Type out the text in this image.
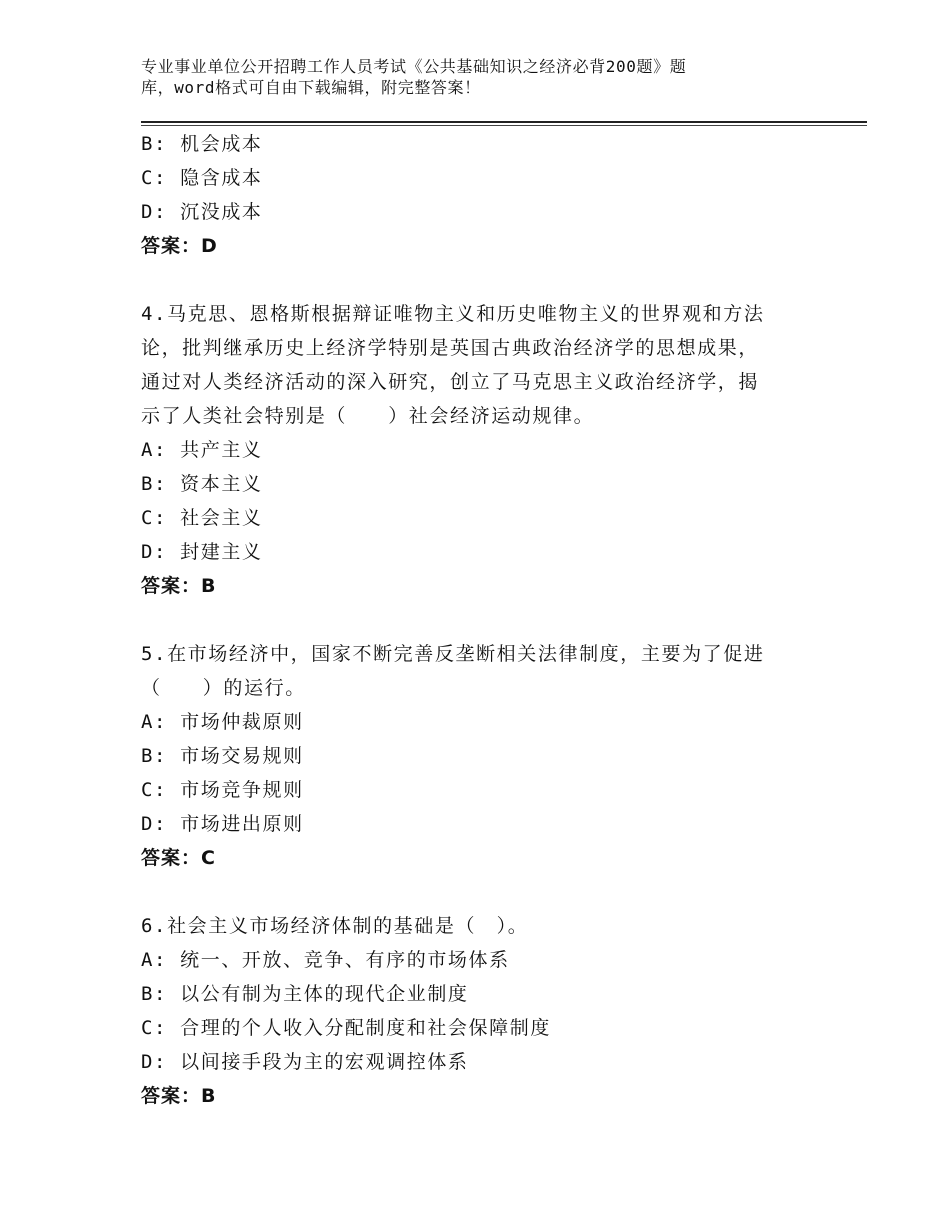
专业事业单位公开招聘工作人员考试《公共基础知识之经济必背200题》题
库，word格式可自由下载编辑，附完整答案！
B: 机会成本
C: 隐含成本
D: 沉没成本
答案：D
4.马克思、恩格斯根据辩证唯物主义和历史唯物主义的世界观和方法
论，批判继承历史上经济学特别是英国古典政治经济学的思想成果，
通过对人类经济活动的深入研究，创立了马克思主义政治经济学，揭
示了人类社会特别是（　　）社会经济运动规律。
A: 共产主义
B: 资本主义
C: 社会主义
D: 封建主义
答案：B
5.在市场经济中，国家不断完善反垄断相关法律制度，主要为了促进
（　　）的运行。
A: 市场仲裁原则
B: 市场交易规则
C: 市场竞争规则
D: 市场进出原则
答案：C
6.社会主义市场经济体制的基础是（　）。
A: 统一、开放、竞争、有序的市场体系
B: 以公有制为主体的现代企业制度
C: 合理的个人收入分配制度和社会保障制度
D: 以间接手段为主的宏观调控体系
答案：B
